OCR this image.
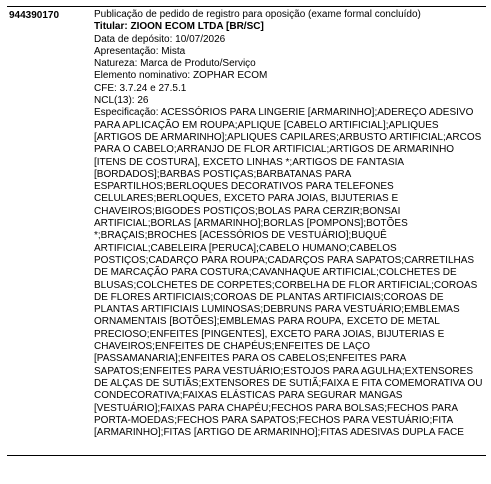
944390170	Publicação de pedido de registro para oposição (exame formal concluído)
Titular: ZIOON ECOM LTDA [BR/SC]
Data de depósito: 10/07/2026
Apresentação: Mista
Natureza: Marca de Produto/Serviço
Elemento nominativo: ZOPHAR ECOM
CFE: 3.7.24 e 27.5.1
NCL(13): 26
Especificação: ACESSÓRIOS PARA LINGERIE [ARMARINHO];ADEREÇO ADESIVO PARA APLICAÇÃO EM ROUPA;APLIQUE [CABELO ARTIFICIAL];APLIQUES [ARTIGOS DE ARMARINHO];APLIQUES CAPILARES;ARBUSTO ARTIFICIAL;ARCOS PARA O CABELO;ARRANJO DE FLOR ARTIFICIAL;ARTIGOS DE ARMARINHO [ITENS DE COSTURA], EXCETO LINHAS *;ARTIGOS DE FANTASIA [BORDADOS];BARBAS POSTIÇAS;BARBATANAS PARA ESPARTILHOS;BERLOQUES DECORATIVOS PARA TELEFONES CELULARES;BERLOQUES, EXCETO PARA JOIAS, BIJUTERIAS E CHAVEIROS;BIGODES POSTIÇOS;BOLAS PARA CERZIR;BONSAI ARTIFICIAL;BORLAS [ARMARINHO];BORLAS [POMPONS];BOTÕES *;BRAÇAIS;BROCHES [ACESSÓRIOS DE VESTUÁRIO];BUQUÊ ARTIFICIAL;CABELEIRA [PERUCA];CABELO HUMANO;CABELOS POSTIÇOS;CADARÇO PARA ROUPA;CADARÇOS PARA SAPATOS;CARRETILHAS DE MARCAÇÃO PARA COSTURA;CAVANHAQUE ARTIFICIAL;COLCHETES DE BLUSAS;COLCHETES DE CORPETES;CORBELHA DE FLOR ARTIFICIAL;COROAS DE FLORES ARTIFICIAIS;COROAS DE PLANTAS ARTIFICIAIS;COROAS DE PLANTAS ARTIFICIAIS LUMINOSAS;DEBRUNS PARA VESTUÁRIO;EMBLEMAS ORNAMENTAIS [BOTÕES];EMBLEMAS PARA ROUPA, EXCETO DE METAL PRECIOSO;ENFEITES [PINGENTES], EXCETO PARA JOIAS, BIJUTERIAS E CHAVEIROS;ENFEITES DE CHAPÉUS;ENFEITES DE LAÇO [PASSAMANARIA];ENFEITES PARA OS CABELOS;ENFEITES PARA SAPATOS;ENFEITES PARA VESTUÁRIO;ESTOJOS PARA AGULHA;EXTENSORES DE ALÇAS DE SUTIÃS;EXTENSORES DE SUTIÃ;FAIXA E FITA COMEMORATIVA OU CONDECORATIVA;FAIXAS ELÁSTICAS PARA SEGURAR MANGAS [VESTUÁRIO];FAIXAS PARA CHAPÉU;FECHOS PARA BOLSAS;FECHOS PARA PORTA-MOEDAS;FECHOS PARA SAPATOS;FECHOS PARA VESTUÁRIO;FITA [ARMARINHO];FITAS [ARTIGO DE ARMARINHO];FITAS ADESIVAS DUPLA FACE
